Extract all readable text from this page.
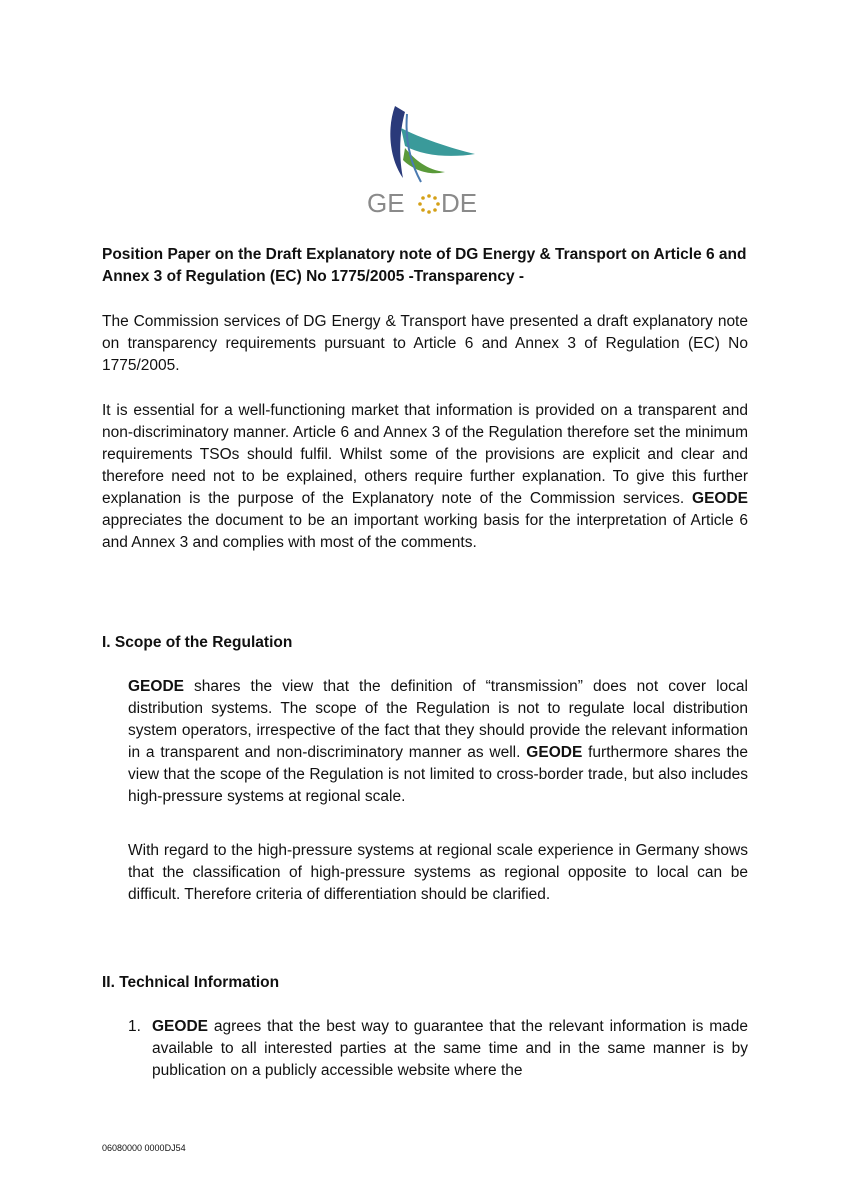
GE DE
Position Paper on the Draft Explanatory note of DG Energy & Transport on Article 6 and Annex 3 of Regulation (EC) No 1775/2005 -Transparency -

The Commission services of DG Energy & Transport have presented a draft explanatory note on transparency requirements pursuant to Article 6 and Annex 3 of Regulation (EC) No 1775/2005.

It is essential for a well-functioning market that information is provided on a transparent and non-discriminatory manner. Article 6 and Annex 3 of the Regulation therefore set the minimum requirements TSOs should fulfil. Whilst some of the provisions are explicit and clear and therefore need not to be explained, others require further explanation. To give this further explanation is the purpose of the Explanatory note of the Commission services. GEODE appreciates the document to be an important working basis for the interpretation of Article 6 and Annex 3 and complies with most of the comments.

I. Scope of the Regulation

GEODE shares the view that the definition of “transmission” does not cover local distribution systems. The scope of the Regulation is not to regulate local distribution system operators, irrespective of the fact that they should provide the relevant information in a transparent and non-discriminatory manner as well. GEODE furthermore shares the view that the scope of the Regulation is not limited to cross-border trade, but also includes high-pressure systems at regional scale.

With regard to the high-pressure systems at regional scale experience in Germany shows that the classification of high-pressure systems as regional opposite to local can be difficult. Therefore criteria of differentiation should be clarified.

II. Technical Information
1. GEODE agrees that the best way to guarantee that the relevant information is made available to all interested parties at the same time and in the same manner is by publication on a publicly accessible website where the
06080000 0000DJ54
